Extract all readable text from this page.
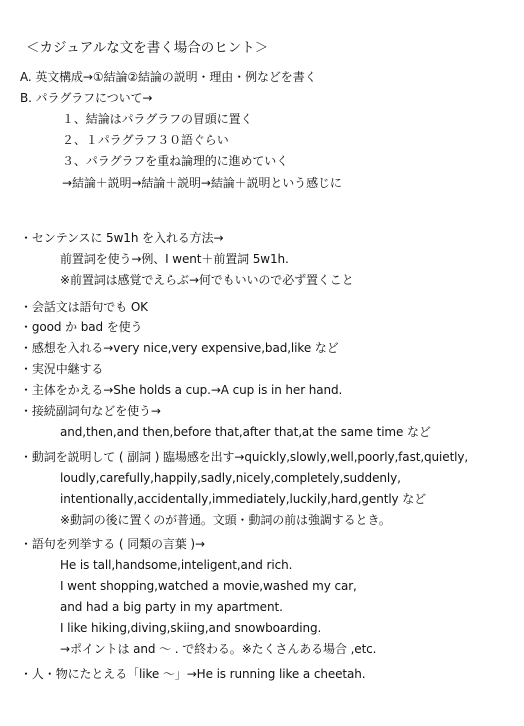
＜カジュアルな文を書く場合のヒント＞
A. 英文構成→①結論②結論の説明・理由・例などを書く
B. パラグラフについて→
１、結論はパラグラフの冒頭に置く
２、１パラグラフ３０語ぐらい
３、パラグラフを重ね論理的に進めていく
→結論＋説明→結論＋説明→結論＋説明という感じに
・センテンスに 5w1h を入れる方法→
前置詞を使う→例、I went＋前置詞 5w1h.
※前置詞は感覚でえらぶ→何でもいいので必ず置くこと
・会話文は語句でも OK
・good か bad を使う
・感想を入れる→very nice,very expensive,bad,like など
・実況中継する
・主体をかえる→She holds a cup.→A cup is in her hand.
・接続副詞句などを使う→
and,then,and then,before that,after that,at the same time など
・動詞を説明して ( 副詞 ) 臨場感を出す→quickly,slowly,well,poorly,fast,quietly,
loudly,carefully,happily,sadly,nicely,completely,suddenly,
intentionally,accidentally,immediately,luckily,hard,gently など
※動詞の後に置くのが普通。文頭・動詞の前は強調するとき。
・語句を列挙する ( 同類の言葉 )→
He is tall,handsome,inteligent,and rich.
I went shopping,watched a movie,washed my car,
and had a big party in my apartment.
I like hiking,diving,skiing,and snowboarding.
→ポイントは and ～ . で終わる。※たくさんある場合 ,etc.
・人・物にたとえる「like ～」→He is running like a cheetah.
